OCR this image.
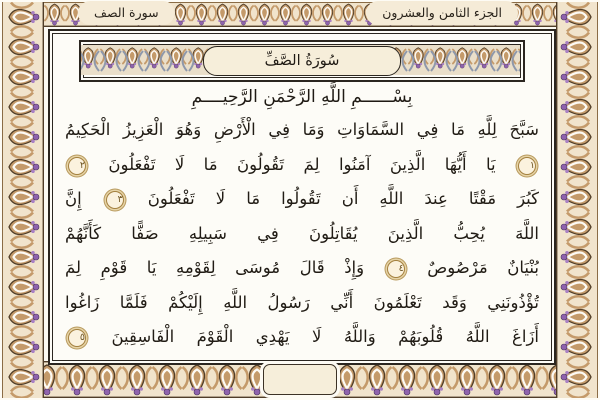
الجزء الثامن والعشرون
سورة الصف
سُورَةُ الصَّفِّ
بِسْــــــمِ اللَّهِ الرَّحْمَنِ الرَّحِيــــمِ
سَبَّحَ لِلَّهِ مَا فِي السَّمَاوَاتِ وَمَا فِي الْأَرْضِ وَهُوَ الْعَزِيزُ الْحَكِيمُ
١ يَا أَيُّهَا الَّذِينَ آمَنُوا لِمَ تَقُولُونَ مَا لَا تَفْعَلُونَ ٢
كَبُرَ مَقْتًا عِندَ اللَّهِ أَن تَقُولُوا مَا لَا تَفْعَلُونَ ٣ إِنَّ
اللَّهَ يُحِبُّ الَّذِينَ يُقَاتِلُونَ فِي سَبِيلِهِ صَفًّا كَأَنَّهُمْ
بُنْيَانٌ مَرْصُوصٌ ٤ وَإِذْ قَالَ مُوسَى لِقَوْمِهِ يَا قَوْمِ لِمَ
تُؤْذُونَنِي وَقَد تَعْلَمُونَ أَنِّي رَسُولُ اللَّهِ إِلَيْكُمْ فَلَمَّا زَاغُوا
أَزَاغَ اللَّهُ قُلُوبَهُمْ وَاللَّهُ لَا يَهْدِي الْقَوْمَ الْفَاسِقِينَ ٥
